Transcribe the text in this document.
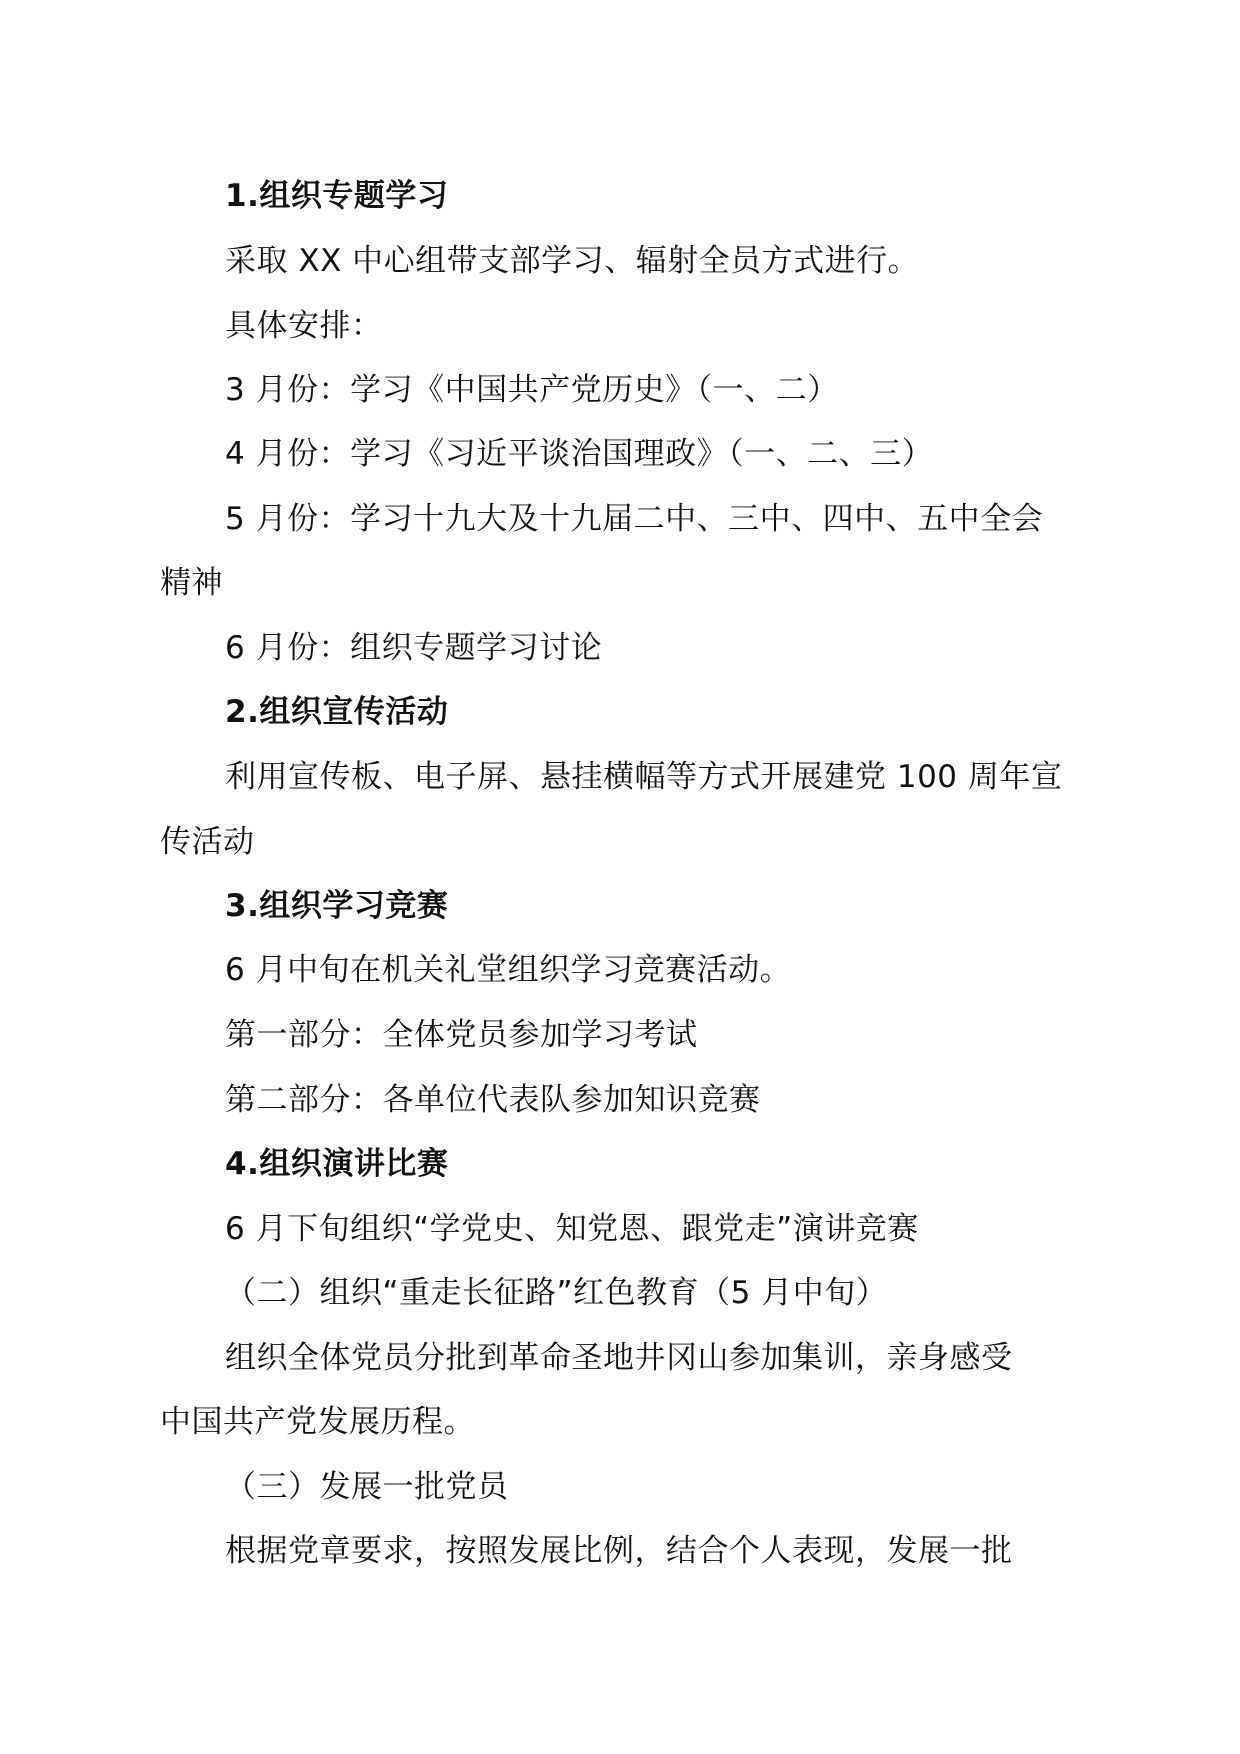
1.组织专题学习
采取 XX 中心组带支部学习、辐射全员方式进行。
具体安排：
3 月份：学习《中国共产党历史》（一、二）
4 月份：学习《习近平谈治国理政》（一、二、三）
5 月份：学习十九大及十九届二中、三中、四中、五中全会
精神
6 月份：组织专题学习讨论
2.组织宣传活动
利用宣传板、电子屏、悬挂横幅等方式开展建党 100 周年宣
传活动
3.组织学习竞赛
6 月中旬在机关礼堂组织学习竞赛活动。
第一部分：全体党员参加学习考试
第二部分：各单位代表队参加知识竞赛
4.组织演讲比赛
6 月下旬组织“学党史、知党恩、跟党走”演讲竞赛
（二）组织“重走长征路”红色教育（5 月中旬）
组织全体党员分批到革命圣地井冈山参加集训，亲身感受
中国共产党发展历程。
（三）发展一批党员
根据党章要求，按照发展比例，结合个人表现，发展一批
